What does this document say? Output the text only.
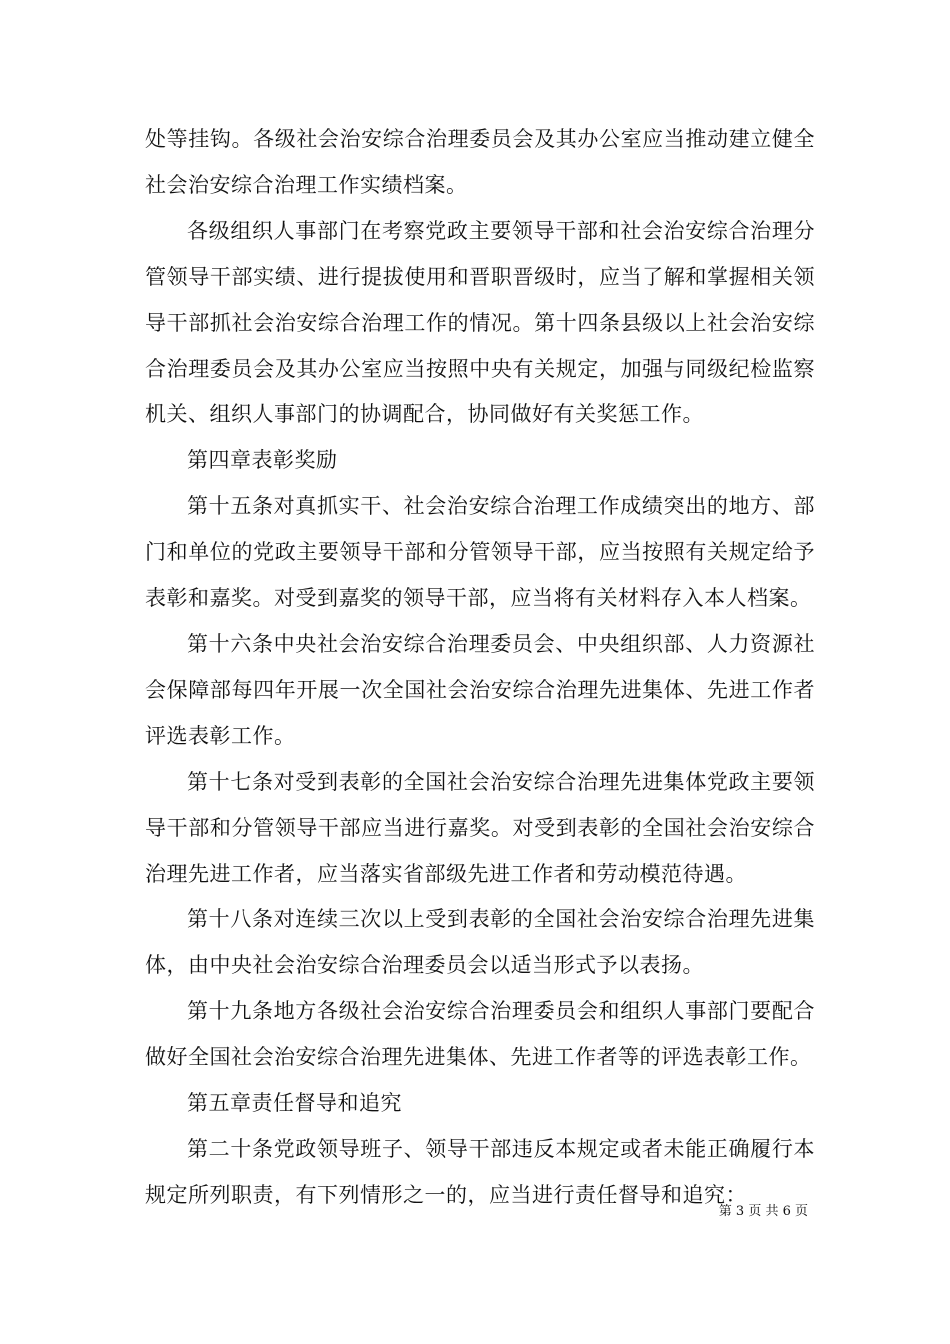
处等挂钩。各级社会治安综合治理委员会及其办公室应当推动建立健全社会治安综合治理工作实绩档案。

各级组织人事部门在考察党政主要领导干部和社会治安综合治理分管领导干部实绩、进行提拔使用和晋职晋级时，应当了解和掌握相关领导干部抓社会治安综合治理工作的情况。第十四条县级以上社会治安综合治理委员会及其办公室应当按照中央有关规定，加强与同级纪检监察机关、组织人事部门的协调配合，协同做好有关奖惩工作。

第四章表彰奖励

第十五条对真抓实干、社会治安综合治理工作成绩突出的地方、部门和单位的党政主要领导干部和分管领导干部，应当按照有关规定给予表彰和嘉奖。对受到嘉奖的领导干部，应当将有关材料存入本人档案。

第十六条中央社会治安综合治理委员会、中央组织部、人力资源社会保障部每四年开展一次全国社会治安综合治理先进集体、先进工作者评选表彰工作。

第十七条对受到表彰的全国社会治安综合治理先进集体党政主要领导干部和分管领导干部应当进行嘉奖。对受到表彰的全国社会治安综合治理先进工作者，应当落实省部级先进工作者和劳动模范待遇。

第十八条对连续三次以上受到表彰的全国社会治安综合治理先进集体，由中央社会治安综合治理委员会以适当形式予以表扬。

第十九条地方各级社会治安综合治理委员会和组织人事部门要配合做好全国社会治安综合治理先进集体、先进工作者等的评选表彰工作。

第五章责任督导和追究

第二十条党政领导班子、领导干部违反本规定或者未能正确履行本规定所列职责，有下列情形之一的，应当进行责任督导和追究：

第 3 页 共 6 页
